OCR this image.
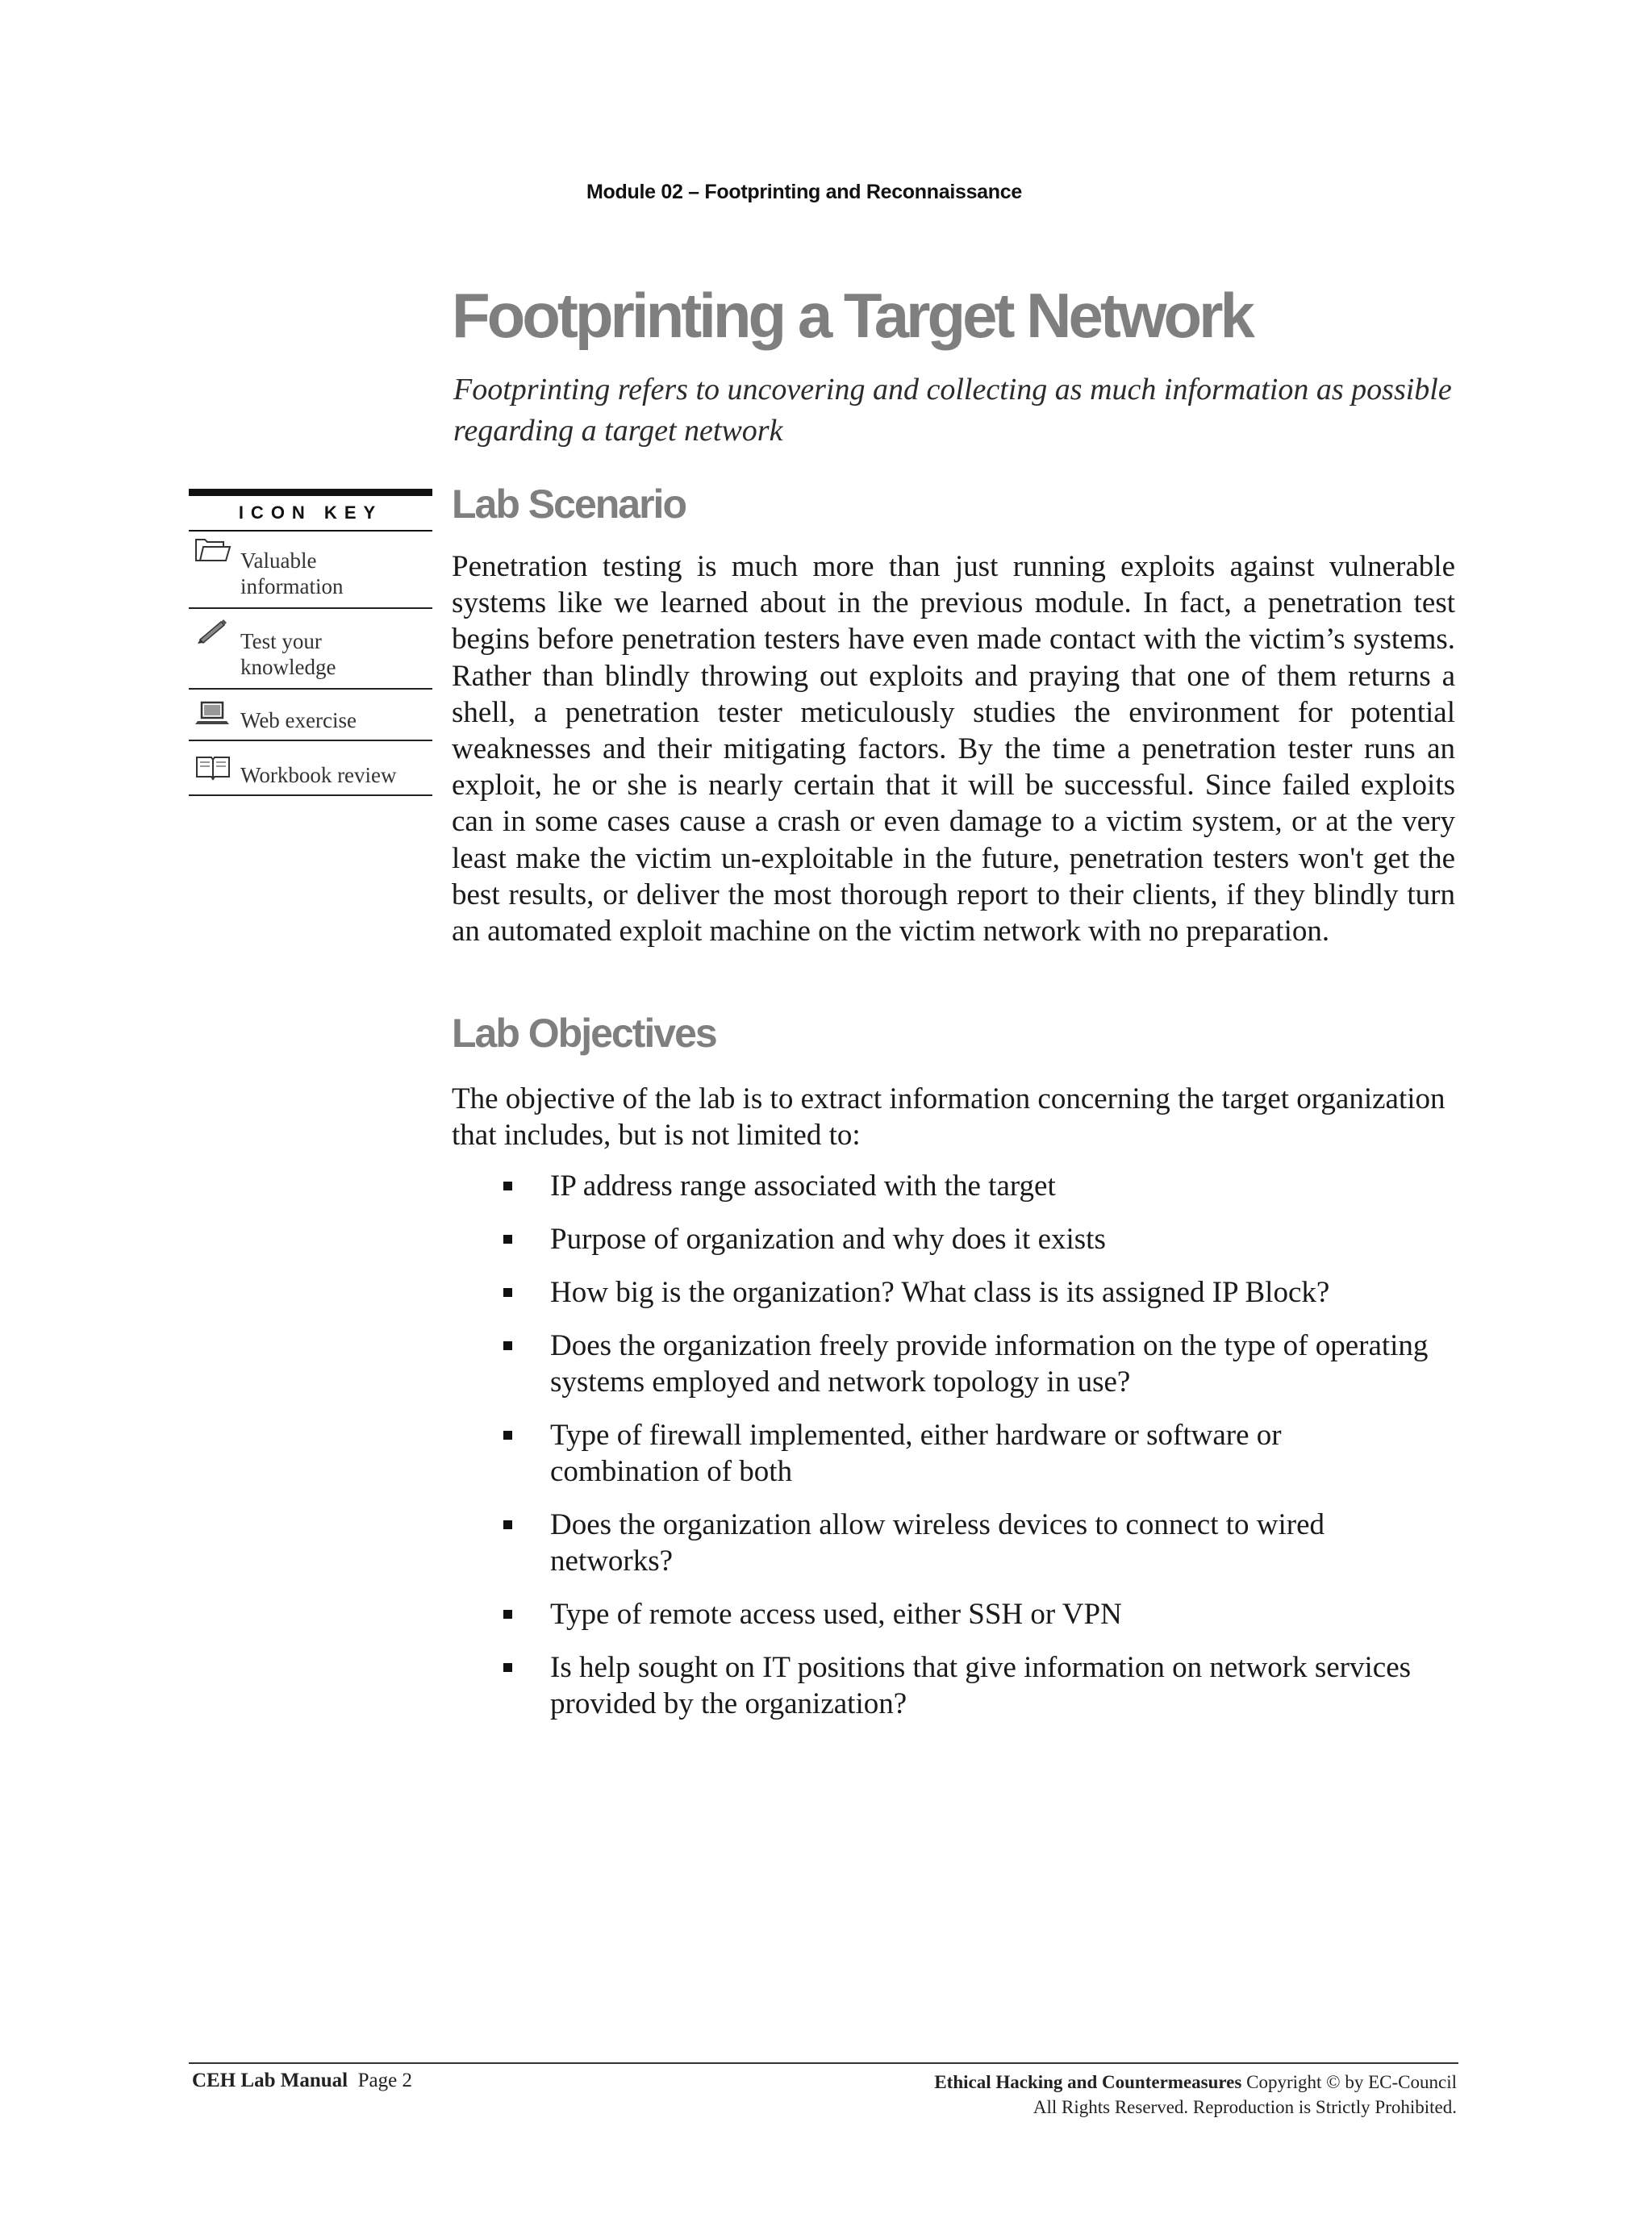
Module 02 – Footprinting and Reconnaissance
Footprinting a Target Network

Footprinting refers to uncovering and collecting as much information as possible regarding a target network

ICON KEY
Valuable
information
Test your
knowledge
Web exercise
Workbook review
Lab Scenario

Penetration testing is much more than just running exploits against vulnerable systems like we learned about in the previous module. In fact, a penetration test begins before penetration testers have even made contact with the victim’s systems. Rather than blindly throwing out exploits and praying that one of them returns a shell, a penetration tester meticulously studies the environment for potential weaknesses and their mitigating factors. By the time a penetration tester runs an exploit, he or she is nearly certain that it will be successful. Since failed exploits can in some cases cause a crash or even damage to a victim system, or at the very least make the victim un-exploitable in the future, penetration testers won't get the best results, or deliver the most thorough report to their clients, if they blindly turn an automated exploit machine on the victim network with no preparation.

Lab Objectives

The objective of the lab is to extract information concerning the target organization that includes, but is not limited to:

IP address range associated with the target
Purpose of organization and why does it exists
How big is the organization? What class is its assigned IP Block?
Does the organization freely provide information on the type of operating systems employed and network topology in use?
Type of firewall implemented, either hardware or software or combination of both
Does the organization allow wireless devices to connect to wired networks?
Type of remote access used, either SSH or VPN
Is help sought on IT positions that give information on network services provided by the organization?
CEH Lab Manual Page 2	Ethical Hacking and Countermeasures Copyright © by EC-Council
All Rights Reserved. Reproduction is Strictly Prohibited.
